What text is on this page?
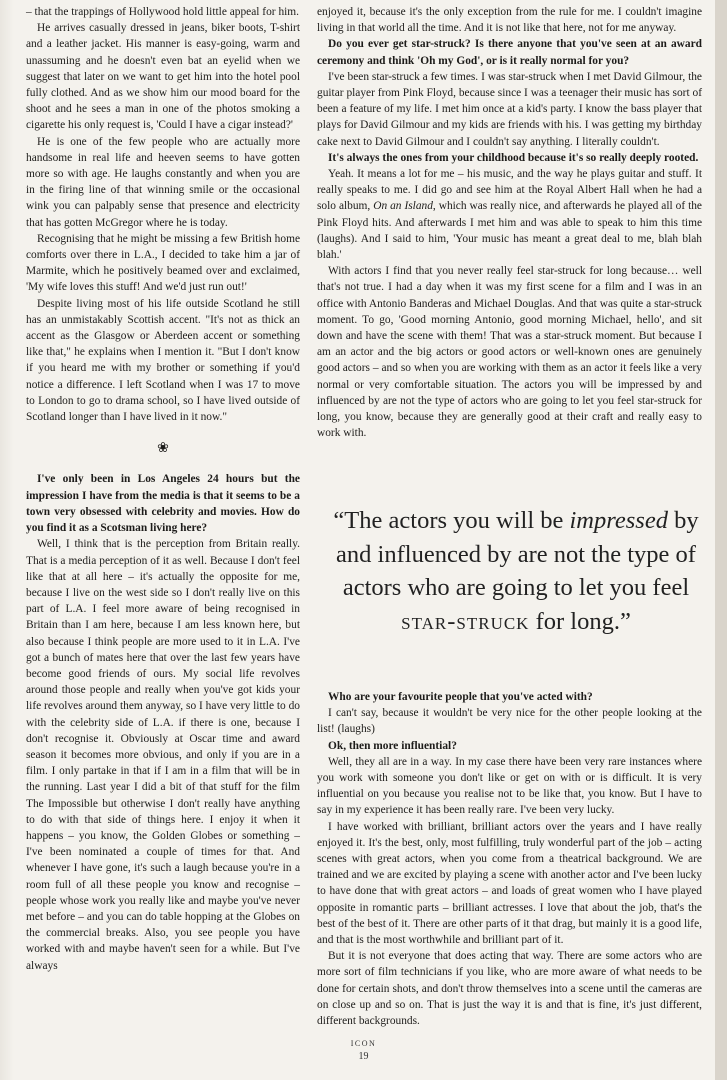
– that the trappings of Hollywood hold little appeal for him.

He arrives casually dressed in jeans, biker boots, T-shirt and a leather jacket. His manner is easy-going, warm and unassuming and he doesn't even bat an eyelid when we suggest that later on we want to get him into the hotel pool fully clothed. And as we show him our mood board for the shoot and he sees a man in one of the photos smoking a cigarette his only request is, 'Could I have a cigar instead?'

He is one of the few people who are actually more handsome in real life and heeven seems to have gotten more so with age. He laughs constantly and when you are in the firing line of that winning smile or the occasional wink you can palpably sense that presence and electricity that has gotten McGregor where he is today.

Recognising that he might be missing a few British home comforts over there in L.A., I decided to take him a jar of Marmite, which he positively beamed over and exclaimed, 'My wife loves this stuff! And we'd just run out!'

Despite living most of his life outside Scotland he still has an unmistakably Scottish accent. "It's not as thick an accent as the Glasgow or Aberdeen accent or something like that," he explains when I mention it. "But I don't know if you heard me with my brother or something if you'd notice a difference. I left Scotland when I was 17 to move to London to go to drama school, so I have lived outside of Scotland longer than I have lived in it now."

❀

I've only been in Los Angeles 24 hours but the impression I have from the media is that it seems to be a town very obsessed with celebrity and movies. How do you find it as a Scotsman living here?

Well, I think that is the perception from Britain really. That is a media perception of it as well. Because I don't feel like that at all here – it's actually the opposite for me, because I live on the west side so I don't really live on this part of L.A. I feel more aware of being recognised in Britain than I am here, because I am less known here, but also because I think people are more used to it in L.A. I've got a bunch of mates here that over the last few years have become good friends of ours. My social life revolves around those people and really when you've got kids your life revolves around them anyway, so I have very little to do with the celebrity side of L.A. if there is one, because I don't recognise it. Obviously at Oscar time and award season it becomes more obvious, and only if you are in a film. I only partake in that if I am in a film that will be in the running. Last year I did a bit of that stuff for the film The Impossible but otherwise I don't really have anything to do with that side of things here. I enjoy it when it happens – you know, the Golden Globes or something – I've been nominated a couple of times for that. And whenever I have gone, it's such a laugh because you're in a room full of all these people you know and recognise – people whose work you really like and maybe you've never met before – and you can do table hopping at the Globes on the commercial breaks. Also, you see people you have worked with and maybe haven't seen for a while. But I've always

enjoyed it, because it's the only exception from the rule for me. I couldn't imagine living in that world all the time. And it is not like that here, not for me anyway.

Do you ever get star-struck? Is there anyone that you've seen at an award ceremony and think 'Oh my God', or is it really normal for you?

I've been star-struck a few times. I was star-struck when I met David Gilmour, the guitar player from Pink Floyd, because since I was a teenager their music has sort of been a feature of my life. I met him once at a kid's party. I know the bass player that plays for David Gilmour and my kids are friends with his. I was getting my birthday cake next to David Gilmour and I couldn't say anything. I literally couldn't.

It's always the ones from your childhood because it's so really deeply rooted.

Yeah. It means a lot for me – his music, and the way he plays guitar and stuff. It really speaks to me. I did go and see him at the Royal Albert Hall when he had a solo album, On an Island, which was really nice, and afterwards he played all of the Pink Floyd hits. And afterwards I met him and was able to speak to him this time (laughs). And I said to him, 'Your music has meant a great deal to me, blah blah blah.'

With actors I find that you never really feel star-struck for long because… well that's not true. I had a day when it was my first scene for a film and I was in an office with Antonio Banderas and Michael Douglas. And that was quite a star-struck moment. To go, 'Good morning Antonio, good morning Michael, hello', and sit down and have the scene with them! That was a star-struck moment. But because I am an actor and the big actors or good actors or well-known ones are genuinely good actors – and so when you are working with them as an actor it feels like a very normal or very comfortable situation. The actors you will be impressed by and influenced by are not the type of actors who are going to let you feel star-struck for long, you know, because they are generally good at their craft and really easy to work with.

“The actors you will be impressed by and influenced by are not the type of actors who are going to let you feel star-struck for long.”

Who are your favourite people that you've acted with?

I can't say, because it wouldn't be very nice for the other people looking at the list! (laughs)

Ok, then more influential?

Well, they all are in a way. In my case there have been very rare instances where you work with someone you don't like or get on with or is difficult. It is very influential on you because you realise not to be like that, you know. But I have to say in my experience it has been really rare. I've been very lucky.

I have worked with brilliant, brilliant actors over the years and I have really enjoyed it. It's the best, only, most fulfilling, truly wonderful part of the job – acting scenes with great actors, when you come from a theatrical background. We are trained and we are excited by playing a scene with another actor and I've been lucky to have done that with great actors – and loads of great women who I have played opposite in romantic parts – brilliant actresses. I love that about the job, that's the best of the best of it. There are other parts of it that drag, but mainly it is a good life, and that is the most worthwhile and brilliant part of it.

But it is not everyone that does acting that way. There are some actors who are more sort of film technicians if you like, who are more aware of what needs to be done for certain shots, and don't throw themselves into a scene until the cameras are on close up and so on. That is just the way it is and that is fine, it's just different, different backgrounds.

ICON
19
